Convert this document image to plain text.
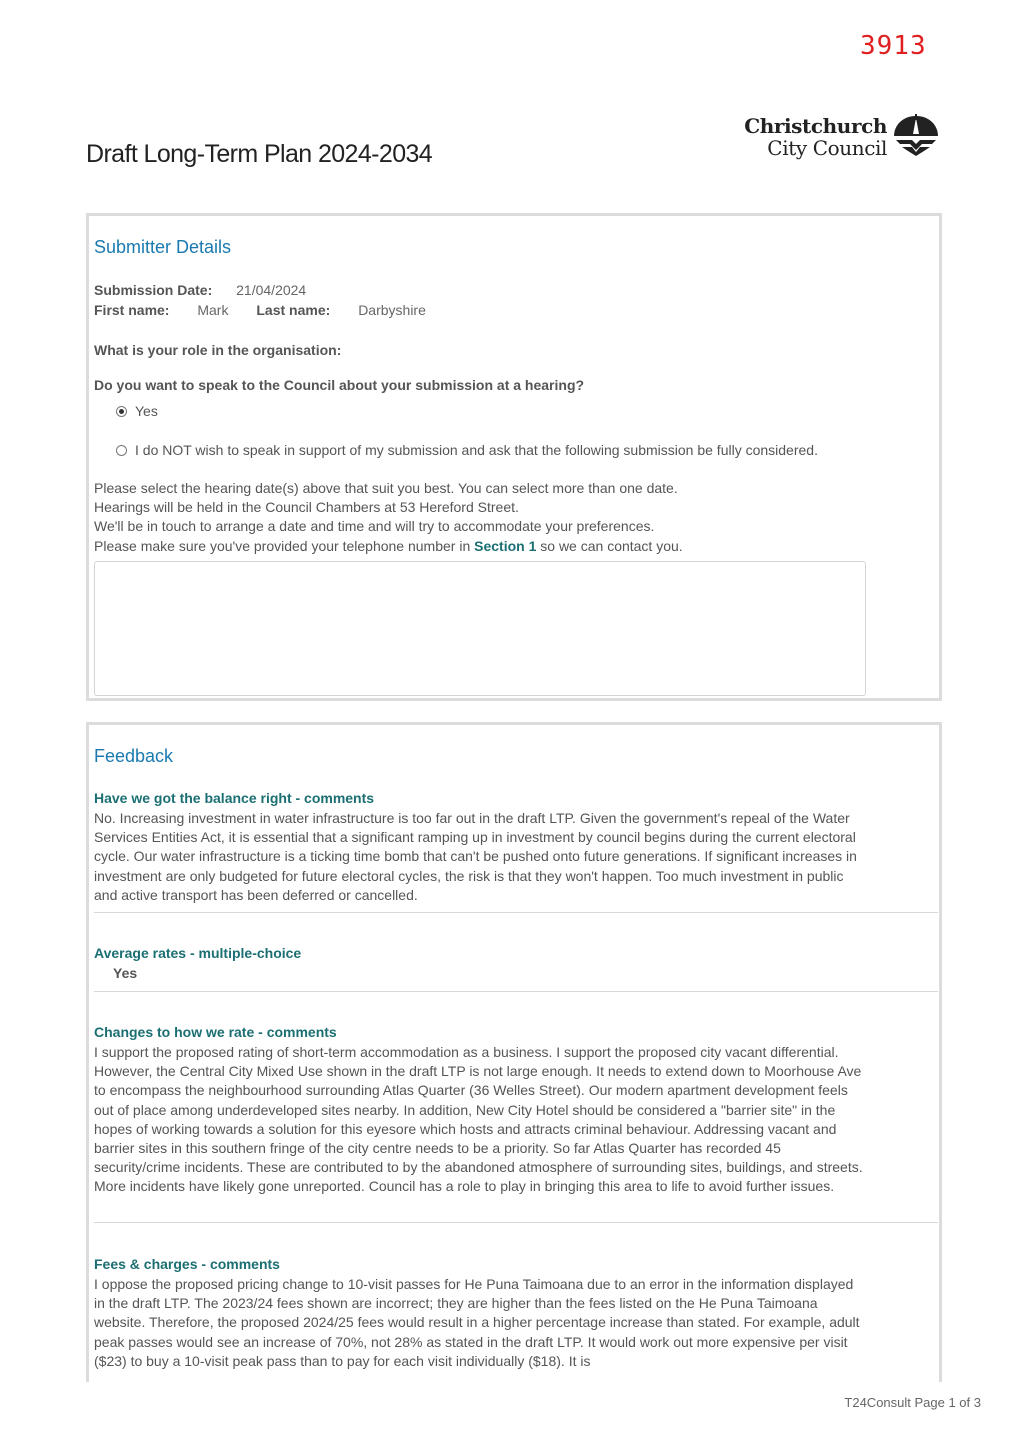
3913
Draft Long-Term Plan 2024-2034
Christchurch
City Council
Submitter Details
Submission Date: 21/04/2024
First name: Mark Last name: Darbyshire
What is your role in the organisation:
Do you want to speak to the Council about your submission at a hearing?
Yes
I do NOT wish to speak in support of my submission and ask that the following submission be fully considered.
Please select the hearing date(s) above that suit you best. You can select more than one date.
Hearings will be held in the Council Chambers at 53 Hereford Street.
We'll be in touch to arrange a date and time and will try to accommodate your preferences.
Please make sure you've provided your telephone number in Section 1 so we can contact you.
Feedback
Have we got the balance right - comments
No. Increasing investment in water infrastructure is too far out in the draft LTP. Given the government's repeal of the Water Services Entities Act, it is essential that a significant ramping up in investment by council begins during the current electoral cycle. Our water infrastructure is a ticking time bomb that can't be pushed onto future generations. If significant increases in investment are only budgeted for future electoral cycles, the risk is that they won't happen. Too much investment in public and active transport has been deferred or cancelled.
Average rates - multiple-choice
Yes
Changes to how we rate - comments
I support the proposed rating of short-term accommodation as a business. I support the proposed city vacant differential. However, the Central City Mixed Use shown in the draft LTP is not large enough. It needs to extend down to Moorhouse Ave to encompass the neighbourhood surrounding Atlas Quarter (36 Welles Street). Our modern apartment development feels out of place among underdeveloped sites nearby. In addition, New City Hotel should be considered a "barrier site" in the hopes of working towards a solution for this eyesore which hosts and attracts criminal behaviour. Addressing vacant and barrier sites in this southern fringe of the city centre needs to be a priority. So far Atlas Quarter has recorded 45 security/crime incidents. These are contributed to by the abandoned atmosphere of surrounding sites, buildings, and streets. More incidents have likely gone unreported. Council has a role to play in bringing this area to life to avoid further issues.
Fees & charges - comments
I oppose the proposed pricing change to 10-visit passes for He Puna Taimoana due to an error in the information displayed in the draft LTP. The 2023/24 fees shown are incorrect; they are higher than the fees listed on the He Puna Taimoana website. Therefore, the proposed 2024/25 fees would result in a higher percentage increase than stated. For example, adult peak passes would see an increase of 70%, not 28% as stated in the draft LTP. It would work out more expensive per visit ($23) to buy a 10-visit peak pass than to pay for each visit individually ($18). It is
T24Consult Page 1 of 3
